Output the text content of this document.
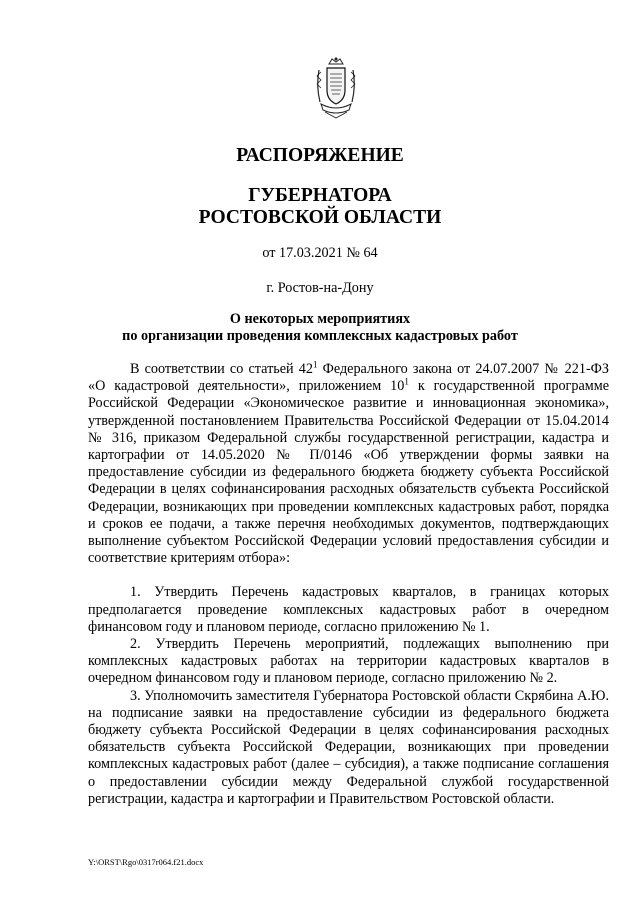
РАСПОРЯЖЕНИЕ
ГУБЕРНАТОРА
РОСТОВСКОЙ ОБЛАСТИ
от 17.03.2021 № 64
г. Ростов-на-Дону
О некоторых мероприятиях
по организации проведения комплексных кадастровых работ

В соответствии со статьей $42^1$ Федерального закона от 24.07.2007 № 221-ФЗ «О кадастровой деятельности», приложением $10^1$ к государственной программе Российской Федерации «Экономическое развитие и инновационная экономика», утвержденной постановлением Правительства Российской Федерации от 15.04.2014 № 316, приказом Федеральной службы государственной регистрации, кадастра и картографии от 14.05.2020 № П/0146 «Об утверждении формы заявки на предоставление субсидии из федерального бюджета бюджету субъекта Российской Федерации в целях софинансирования расходных обязательств субъекта Российской Федерации, возникающих при проведении комплексных кадастровых работ, порядка и сроков ее подачи, а также перечня необходимых документов, подтверждающих выполнение субъектом Российской Федерации условий предоставления субсидии и соответствие критериям отбора»:

1. Утвердить Перечень кадастровых кварталов, в границах которых предполагается проведение комплексных кадастровых работ в очередном финансовом году и плановом периоде, согласно приложению № 1.

2. Утвердить Перечень мероприятий, подлежащих выполнению при комплексных кадастровых работах на территории кадастровых кварталов в очередном финансовом году и плановом периоде, согласно приложению № 2.

3. Уполномочить заместителя Губернатора Ростовской области Скрябина А.Ю. на подписание заявки на предоставление субсидии из федерального бюджета бюджету субъекта Российской Федерации в целях софинансирования расходных обязательств субъекта Российской Федерации, возникающих при проведении комплексных кадастровых работ (далее – субсидия), а также подписание соглашения о предоставлении субсидии между Федеральной службой государственной регистрации, кадастра и картографии и Правительством Ростовской области.

Y:\ORST\Rgo\0317r064.f21.docx
